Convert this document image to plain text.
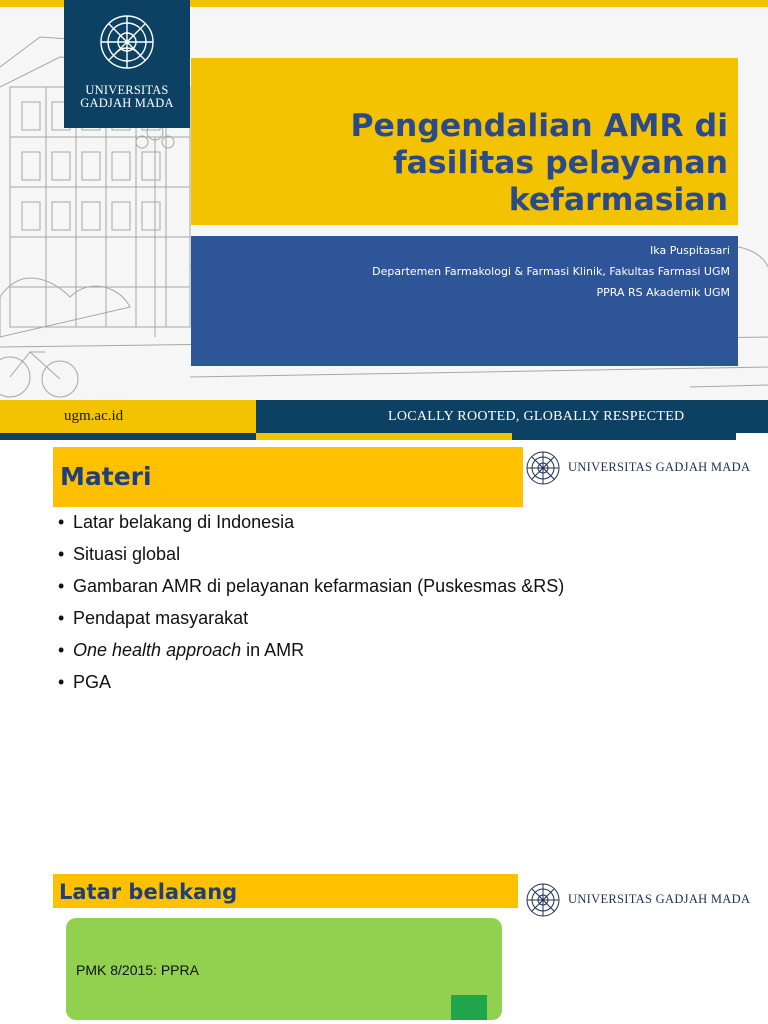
UNIVERSITAS
GADJAH MADA
Pengendalian AMR di
fasilitas pelayanan
kefarmasian
Ika Puspitasari
Departemen Farmakologi & Farmasi Klinik, Fakultas Farmasi UGM
PPRA RS Akademik UGM
ugm.ac.id	LOCALLY ROOTED, GLOBALLY RESPECTED
Materi	UNIVERSITAS GADJAH MADA
• Latar belakang di Indonesia
• Situasi global
• Gambaran AMR di pelayanan kefarmasian (Puskesmas &RS)
• Pendapat masyarakat
• One health approach in AMR
• PGA
Latar belakang	UNIVERSITAS GADJAH MADA
PMK 8/2015: PPRA
